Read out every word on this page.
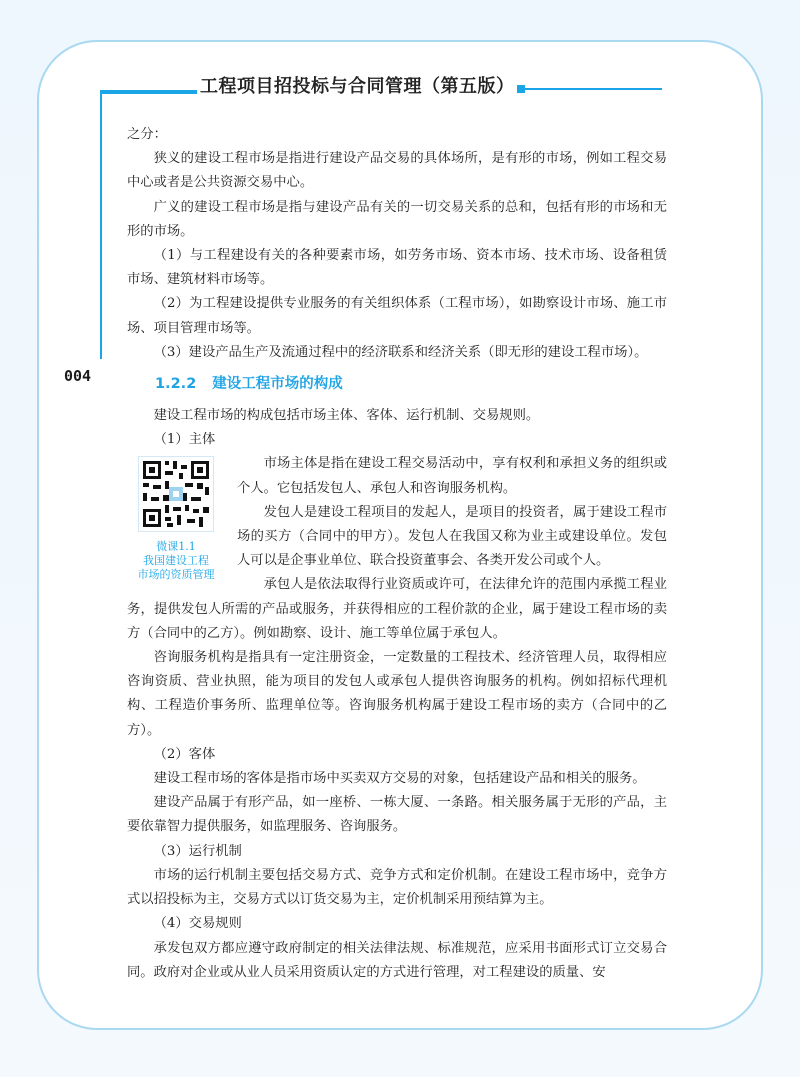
工程项目招投标与合同管理（第五版）
004

之分：

狭义的建设工程市场是指进行建设产品交易的具体场所，是有形的市场，例如工程交易中心或者是公共资源交易中心。

广义的建设工程市场是指与建设产品有关的一切交易关系的总和，包括有形的市场和无形的市场。

（1）与工程建设有关的各种要素市场，如劳务市场、资本市场、技术市场、设备租赁市场、建筑材料市场等。

（2）为工程建设提供专业服务的有关组织体系（工程市场），如勘察设计市场、施工市场、项目管理市场等。

（3）建设产品生产及流通过程中的经济联系和经济关系（即无形的建设工程市场）。

1.2.2 建设工程市场的构成

建设工程市场的构成包括市场主体、客体、运行机制、交易规则。

（1）主体

微课1.1
我国建设工程
市场的资质管理

市场主体是指在建设工程交易活动中，享有权利和承担义务的组织或个人。它包括发包人、承包人和咨询服务机构。

发包人是建设工程项目的发起人，是项目的投资者，属于建设工程市场的买方（合同中的甲方）。发包人在我国又称为业主或建设单位。发包人可以是企事业单位、联合投资董事会、各类开发公司或个人。

承包人是依法取得行业资质或许可，在法律允许的范围内承揽工程业务，提供发包人所需的产品或服务，并获得相应的工程价款的企业，属于建设工程市场的卖方（合同中的乙方）。例如勘察、设计、施工等单位属于承包人。

咨询服务机构是指具有一定注册资金，一定数量的工程技术、经济管理人员，取得相应咨询资质、营业执照，能为项目的发包人或承包人提供咨询服务的机构。例如招标代理机构、工程造价事务所、监理单位等。咨询服务机构属于建设工程市场的卖方（合同中的乙方）。

（2）客体

建设工程市场的客体是指市场中买卖双方交易的对象，包括建设产品和相关的服务。

建设产品属于有形产品，如一座桥、一栋大厦、一条路。相关服务属于无形的产品，主要依靠智力提供服务，如监理服务、咨询服务。

（3）运行机制

市场的运行机制主要包括交易方式、竞争方式和定价机制。在建设工程市场中，竞争方式以招投标为主，交易方式以订货交易为主，定价机制采用预结算为主。

（4）交易规则

承发包双方都应遵守政府制定的相关法律法规、标准规范，应采用书面形式订立交易合同。政府对企业或从业人员采用资质认定的方式进行管理，对工程建设的质量、安
